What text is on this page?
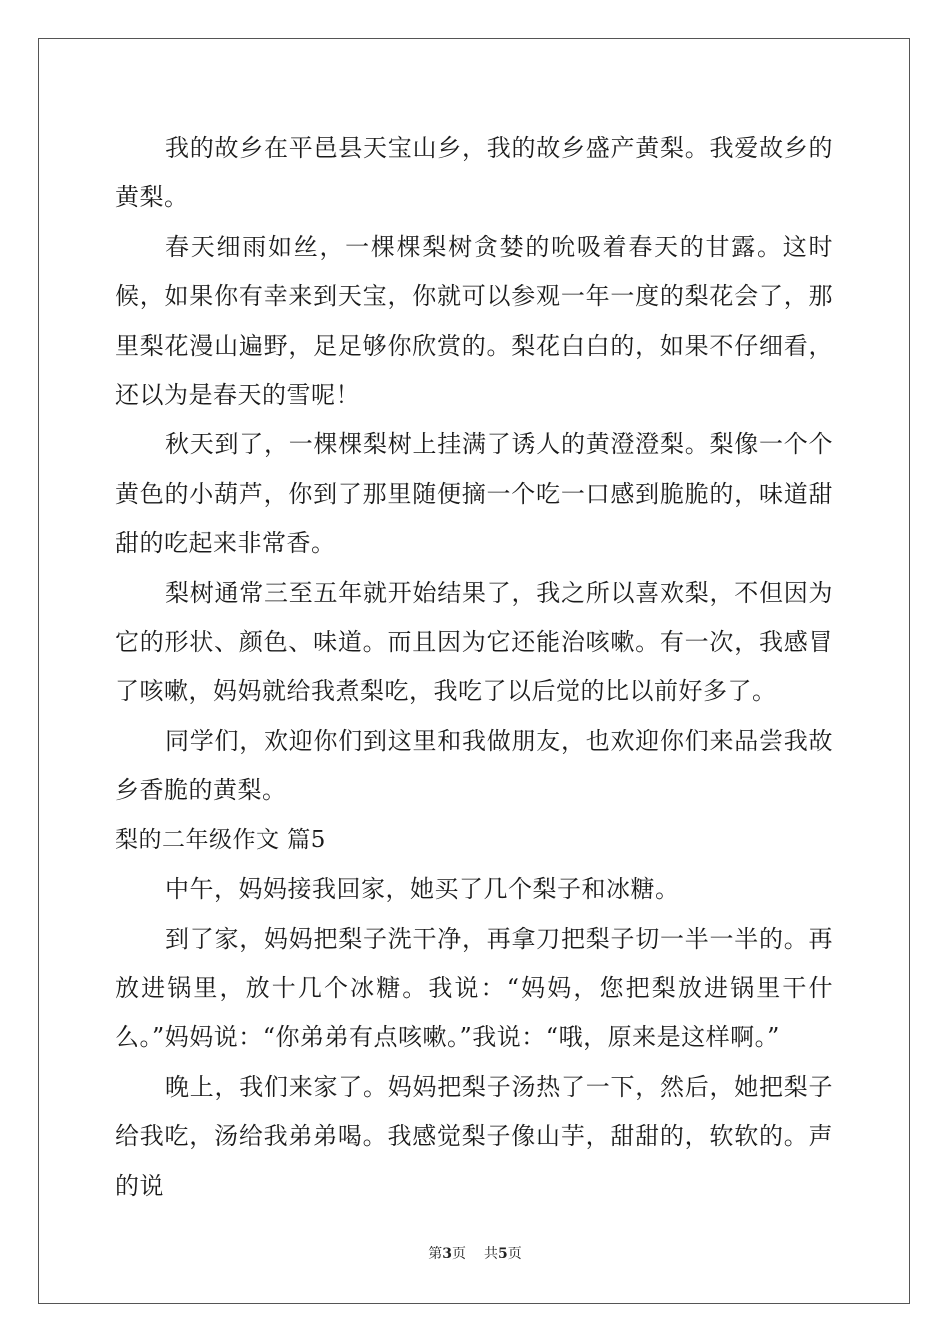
我的故乡在平邑县天宝山乡，我的故乡盛产黄梨。我爱故乡的黄梨。

春天细雨如丝，一棵棵梨树贪婪的吮吸着春天的甘露。这时候，如果你有幸来到天宝，你就可以参观一年一度的梨花会了，那里梨花漫山遍野，足足够你欣赏的。梨花白白的，如果不仔细看，还以为是春天的雪呢！

秋天到了，一棵棵梨树上挂满了诱人的黄澄澄梨。梨像一个个黄色的小葫芦，你到了那里随便摘一个吃一口感到脆脆的，味道甜甜的吃起来非常香。

梨树通常三至五年就开始结果了，我之所以喜欢梨，不但因为它的形状、颜色、味道。而且因为它还能治咳嗽。有一次，我感冒了咳嗽，妈妈就给我煮梨吃，我吃了以后觉的比以前好多了。

同学们，欢迎你们到这里和我做朋友，也欢迎你们来品尝我故乡香脆的黄梨。

梨的二年级作文 篇5

中午，妈妈接我回家，她买了几个梨子和冰糖。

到了家，妈妈把梨子洗干净，再拿刀把梨子切一半一半的。再放进锅里，放十几个冰糖。我说：“妈妈，您把梨放进锅里干什么。”妈妈说：“你弟弟有点咳嗽。”我说：“哦，原来是这样啊。”

晚上，我们来家了。妈妈把梨子汤热了一下，然后，她把梨子给我吃，汤给我弟弟喝。我感觉梨子像山芋，甜甜的，软软的。声的说

第3页 共5页
